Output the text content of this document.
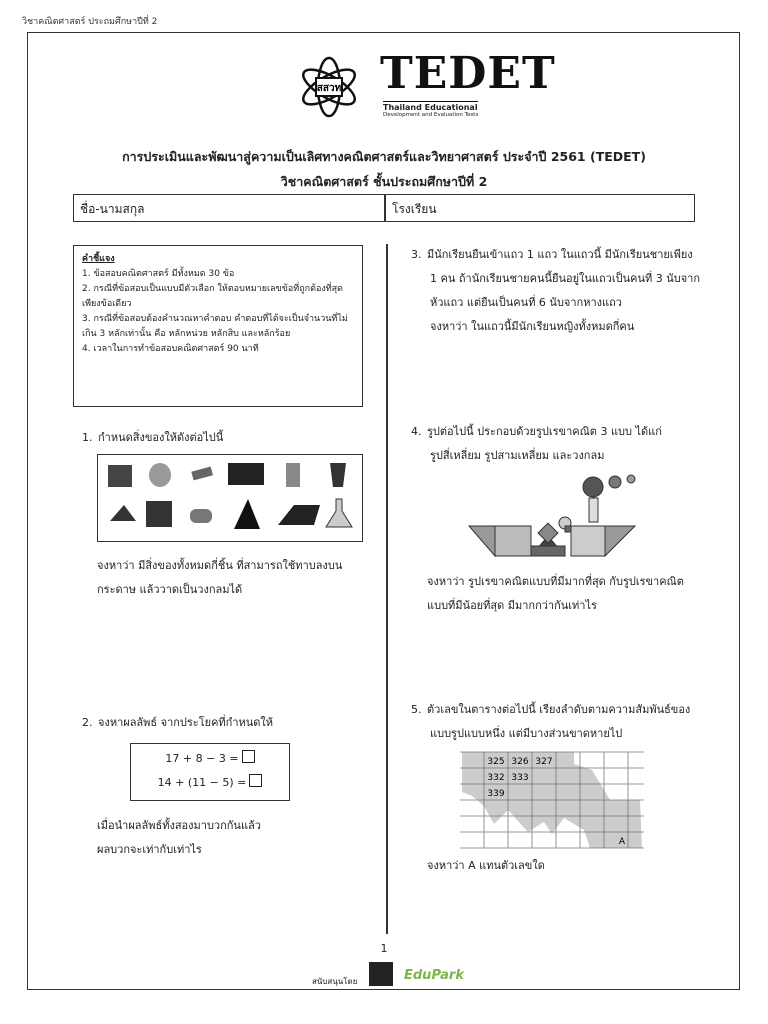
วิชาคณิตศาสตร์ ประถมศึกษาปีที่ 2
สสวท TEDET
Thailand Educational
Development and Evaluation Tests
การประเมินและพัฒนาสู่ความเป็นเลิศทางคณิตศาสตร์และวิทยาศาสตร์ ประจำปี 2561 (TEDET)
วิชาคณิตศาสตร์ ชั้นประถมศึกษาปีที่ 2
ชื่อ-นามสกุล	โรงเรียน
คำชี้แจง
1. ข้อสอบคณิตศาสตร์ มีทั้งหมด 30 ข้อ
2. กรณีที่ข้อสอบเป็นแบบมีตัวเลือก ให้ตอบหมายเลขข้อที่ถูกต้องที่สุดเพียงข้อเดียว
3. กรณีที่ข้อสอบต้องคำนวณหาคำตอบ คำตอบที่ได้จะเป็นจำนวนที่ไม่เกิน 3 หลักเท่านั้น คือ หลักหน่วย หลักสิบ และหลักร้อย
4. เวลาในการทำข้อสอบคณิตศาสตร์ 90 นาที
1. กำหนดสิ่งของให้ดังต่อไปนี้
จงหาว่า มีสิ่งของทั้งหมดกี่ชิ้น ที่สามารถใช้ทาบลงบน
กระดาษ แล้ววาดเป็นวงกลมได้
2. จงหาผลลัพธ์ จากประโยคที่กำหนดให้
17 + 8 − 3 =
14 + (11 − 5) =
เมื่อนำผลลัพธ์ทั้งสองมาบวกกันแล้ว
ผลบวกจะเท่ากับเท่าไร
3. มีนักเรียนยืนเข้าแถว 1 แถว ในแถวนี้ มีนักเรียนชายเพียง
1 คน ถ้านักเรียนชายคนนี้ยืนอยู่ในแถวเป็นคนที่ 3 นับจาก
หัวแถว แต่ยืนเป็นคนที่ 6 นับจากหางแถว
จงหาว่า ในแถวนี้มีนักเรียนหญิงทั้งหมดกี่คน
4. รูปต่อไปนี้ ประกอบด้วยรูปเรขาคณิต 3 แบบ ได้แก่
รูปสี่เหลี่ยม รูปสามเหลี่ยม และวงกลม
จงหาว่า รูปเรขาคณิตแบบที่มีมากที่สุด กับรูปเรขาคณิต
แบบที่มีน้อยที่สุด มีมากกว่ากันเท่าไร
5. ตัวเลขในตารางต่อไปนี้ เรียงลำดับตามความสัมพันธ์ของ
แบบรูปแบบหนึ่ง แต่มีบางส่วนขาดหายไป
325 326 327
332 333
339
A
จงหาว่า A แทนตัวเลขใด
1
สนับสนุนโดย	EduPark
